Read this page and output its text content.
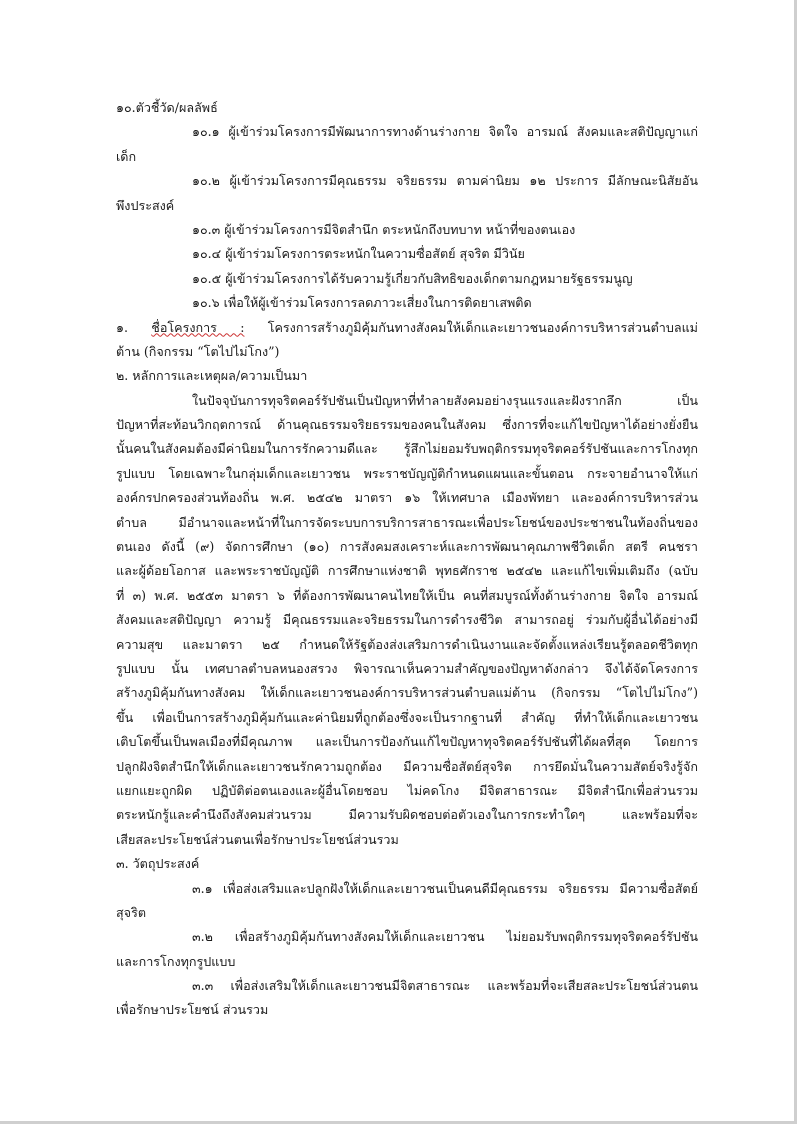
๑๐.ตัวชี้วัด/ผลลัพธ์
๑๐.๑ ผู้เข้าร่วมโครงการมีพัฒนาการทางด้านร่างกาย จิตใจ อารมณ์ สังคมและสติปัญญาแก่
เด็ก
๑๐.๒ ผู้เข้าร่วมโครงการมีคุณธรรม จริยธรรม ตามค่านิยม ๑๒ ประการ มีลักษณะนิสัยอัน
พึงประสงค์
๑๐.๓ ผู้เข้าร่วมโครงการมีจิตสำนึก ตระหนักถึงบทบาท หน้าที่ของตนเอง
๑๐.๔ ผู้เข้าร่วมโครงการตระหนักในความซื่อสัตย์ สุจริต มีวินัย
๑๐.๕ ผู้เข้าร่วมโครงการได้รับความรู้เกี่ยวกับสิทธิของเด็กตามกฎหมายรัฐธรรมนูญ
๑๐.๖ เพื่อให้ผู้เข้าร่วมโครงการลดภาวะเสี่ยงในการติดยาเสพติด
๑. ชื่อโครงการ : โครงการสร้างภูมิคุ้มกันทางสังคมให้เด็กและเยาวชนองค์การบริหารส่วนตำบลแม่
ต้าน (กิจกรรม “โตไปไม่โกง”)
๒. หลักการและเหตุผล/ความเป็นมา
ในปัจจุบันการทุจริตคอร์รัปชันเป็นปัญหาที่ทำลายสังคมอย่างรุนแรงและฝังรากลึก เป็น
ปัญหาที่สะท้อนวิกฤตการณ์ ด้านคุณธรรมจริยธรรมของคนในสังคม ซึ่งการที่จะแก้ไขปัญหาได้อย่างยั่งยืน
นั้นคนในสังคมต้องมีค่านิยมในการรักความดีและ รู้สึกไม่ยอมรับพฤติกรรมทุจริตคอร์รัปชันและการโกงทุก
รูปแบบ โดยเฉพาะในกลุ่มเด็กและเยาวชน พระราชบัญญัติกำหนดแผนและขั้นตอน กระจายอำนาจให้แก่
องค์กรปกครองส่วนท้องถิ่น พ.ศ. ๒๕๔๒ มาตรา ๑๖ ให้เทศบาล เมืองพัทยา และองค์การบริหารส่วน
ตำบล มีอำนาจและหน้าที่ในการจัดระบบการบริการสาธารณะเพื่อประโยชน์ของประชาชนในท้องถิ่นของ
ตนเอง ดังนี้ (๙) จัดการศึกษา (๑๐) การสังคมสงเคราะห์และการพัฒนาคุณภาพชีวิตเด็ก สตรี คนชรา
และผู้ด้อยโอกาส และพระราชบัญญัติ การศึกษาแห่งชาติ พุทธศักราช ๒๕๔๒ และแก้ไขเพิ่มเติมถึง (ฉบับ
ที่ ๓) พ.ศ. ๒๕๕๓ มาตรา ๖ ที่ต้องการพัฒนาคนไทยให้เป็น คนที่สมบูรณ์ทั้งด้านร่างกาย จิตใจ อารมณ์
สังคมและสติปัญญา ความรู้ มีคุณธรรมและจริยธรรมในการดำรงชีวิต สามารถอยู่ ร่วมกับผู้อื่นได้อย่างมี
ความสุข และมาตรา ๒๕ กำหนดให้รัฐต้องส่งเสริมการดำเนินงานและจัดตั้งแหล่งเรียนรู้ตลอดชีวิตทุก
รูปแบบ นั้น เทศบาลตำบลหนองสรวง พิจารณาเห็นความสำคัญของปัญหาดังกล่าว จึงได้จัดโครงการ
สร้างภูมิคุ้มกันทางสังคม ให้เด็กและเยาวชนองค์การบริหารส่วนตำบลแม่ต้าน (กิจกรรม “โตไปไม่โกง”)
ขึ้น เพื่อเป็นการสร้างภูมิคุ้มกันและค่านิยมที่ถูกต้องซึ่งจะเป็นรากฐานที่ สำคัญ ที่ทำให้เด็กและเยาวชน
เติบโตขึ้นเป็นพลเมืองที่มีคุณภาพ และเป็นการป้องกันแก้ไขปัญหาทุจริตคอร์รัปชันที่ได้ผลที่สุด โดยการ
ปลูกฝังจิตสำนึกให้เด็กและเยาวชนรักความถูกต้อง มีความซื่อสัตย์สุจริต การยึดมั่นในความสัตย์จริงรู้จัก
แยกแยะถูกผิด ปฏิบัติต่อตนเองและผู้อื่นโดยชอบ ไม่คดโกง มีจิตสาธารณะ มีจิตสำนึกเพื่อส่วนรวม
ตระหนักรู้และคำนึงถึงสังคมส่วนรวม มีความรับผิดชอบต่อตัวเองในการกระทำใดๆ และพร้อมที่จะ
เสียสละประโยชน์ส่วนตนเพื่อรักษาประโยชน์ส่วนรวม
๓. วัตถุประสงค์
๓.๑ เพื่อส่งเสริมและปลูกฝังให้เด็กและเยาวชนเป็นคนดีมีคุณธรรม จริยธรรม มีความซื่อสัตย์
สุจริต
๓.๒ เพื่อสร้างภูมิคุ้มกันทางสังคมให้เด็กและเยาวชน ไม่ยอมรับพฤติกรรมทุจริตคอร์รัปชัน
และการโกงทุกรูปแบบ
๓.๓ เพื่อส่งเสริมให้เด็กและเยาวชนมีจิตสาธารณะ และพร้อมที่จะเสียสละประโยชน์ส่วนตน
เพื่อรักษาประโยชน์ ส่วนรวม
